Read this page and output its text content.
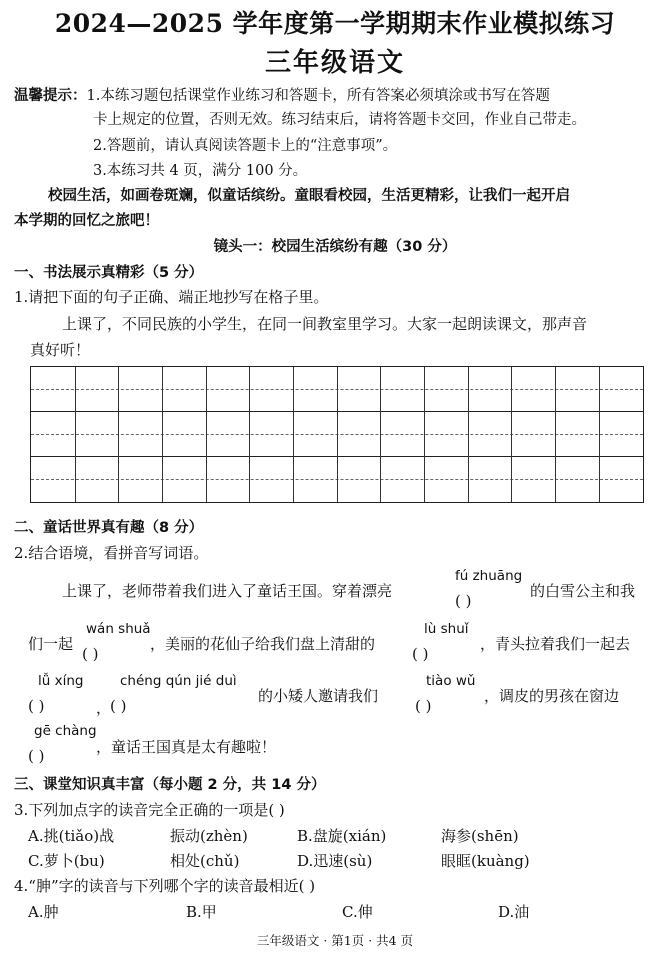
2024—2025 学年度第一学期期末作业模拟练习
三年级语文
温馨提示：1.本练习题包括课堂作业练习和答题卡，所有答案必须填涂或书写在答题
卡上规定的位置，否则无效。练习结束后，请将答题卡交回，作业自己带走。
2.答题前，请认真阅读答题卡上的“注意事项”。
3.本练习共 4 页，满分 100 分。
校园生活，如画卷斑斓，似童话缤纷。童眼看校园，生活更精彩，让我们一起开启
本学期的回忆之旅吧！
镜头一：校园生活缤纷有趣（30 分）
一、书法展示真精彩（5 分）
1.请把下面的句子正确、端正地抄写在格子里。
上课了，不同民族的小学生，在同一间教室里学习。大家一起朗读课文，那声音
真好听！
二、童话世界真有趣（8 分）
2.结合语境，看拼音写词语。
上课了，老师带着我们进入了童话王国。穿着漂亮
fú zhuāng
( )
的白雪公主和我
们一起
wán shuǎ
( )
，美丽的花仙子给我们盘上清甜的
lù shuǐ
( )
，青头拉着我们一起去
lǚ xíng
( )	，
chéng qún jié duì
( )
的小矮人邀请我们
tiào wǔ
( )
，调皮的男孩在窗边
gē chàng
( )	，童话王国真是太有趣啦！
三、课堂知识真丰富（每小题 2 分，共 14 分）
3.下列加点字的读音完全正确的一项是( )
A.挑(tiǎo)战	振动(zhèn)	B.盘旋(xián)	海参(shēn)
C.萝卜(bu)	相处(chǔ)	D.迅速(sù)	眼眶(kuàng)
4.“胂”字的读音与下列哪个字的读音最相近( )
A.肿	B.甲	C.伸	D.油
三年级语文 · 第1页 · 共4 页
